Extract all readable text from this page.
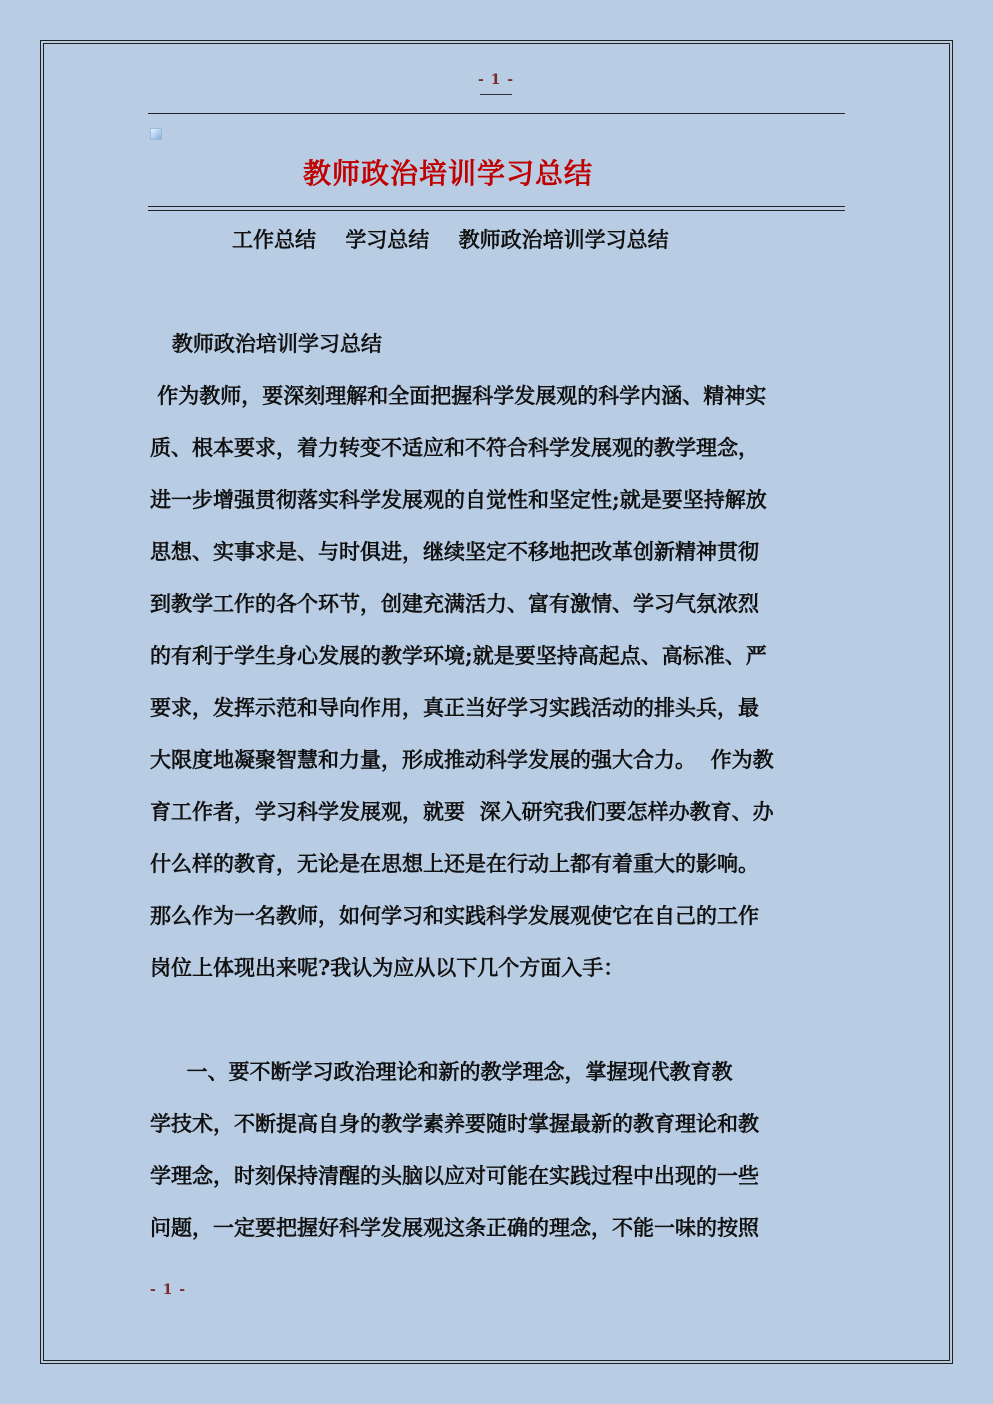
- 1 -
教师政治培训学习总结
工作总结 学习总结 教师政治培训学习总结
教师政治培训学习总结
作为教师，要深刻理解和全面把握科学发展观的科学内涵、精神实
质、根本要求，着力转变不适应和不符合科学发展观的教学理念，
进一步增强贯彻落实科学发展观的自觉性和坚定性;就是要坚持解放
思想、实事求是、与时俱进，继续坚定不移地把改革创新精神贯彻
到教学工作的各个环节，创建充满活力、富有激情、学习气氛浓烈
的有利于学生身心发展的教学环境;就是要坚持高起点、高标准、严
要求，发挥示范和导向作用，真正当好学习实践活动的排头兵，最
大限度地凝聚智慧和力量，形成推动科学发展的强大合力。  作为教
育工作者，学习科学发展观，就要  深入研究我们要怎样办教育、办
什么样的教育，无论是在思想上还是在行动上都有着重大的影响。
那么作为一名教师，如何学习和实践科学发展观使它在自己的工作
岗位上体现出来呢?我认为应从以下几个方面入手：
一、要不断学习政治理论和新的教学理念，掌握现代教育教
学技术，不断提高自身的教学素养要随时掌握最新的教育理论和教
学理念，时刻保持清醒的头脑以应对可能在实践过程中出现的一些
问题，一定要把握好科学发展观这条正确的理念，不能一味的按照
- 1 -
